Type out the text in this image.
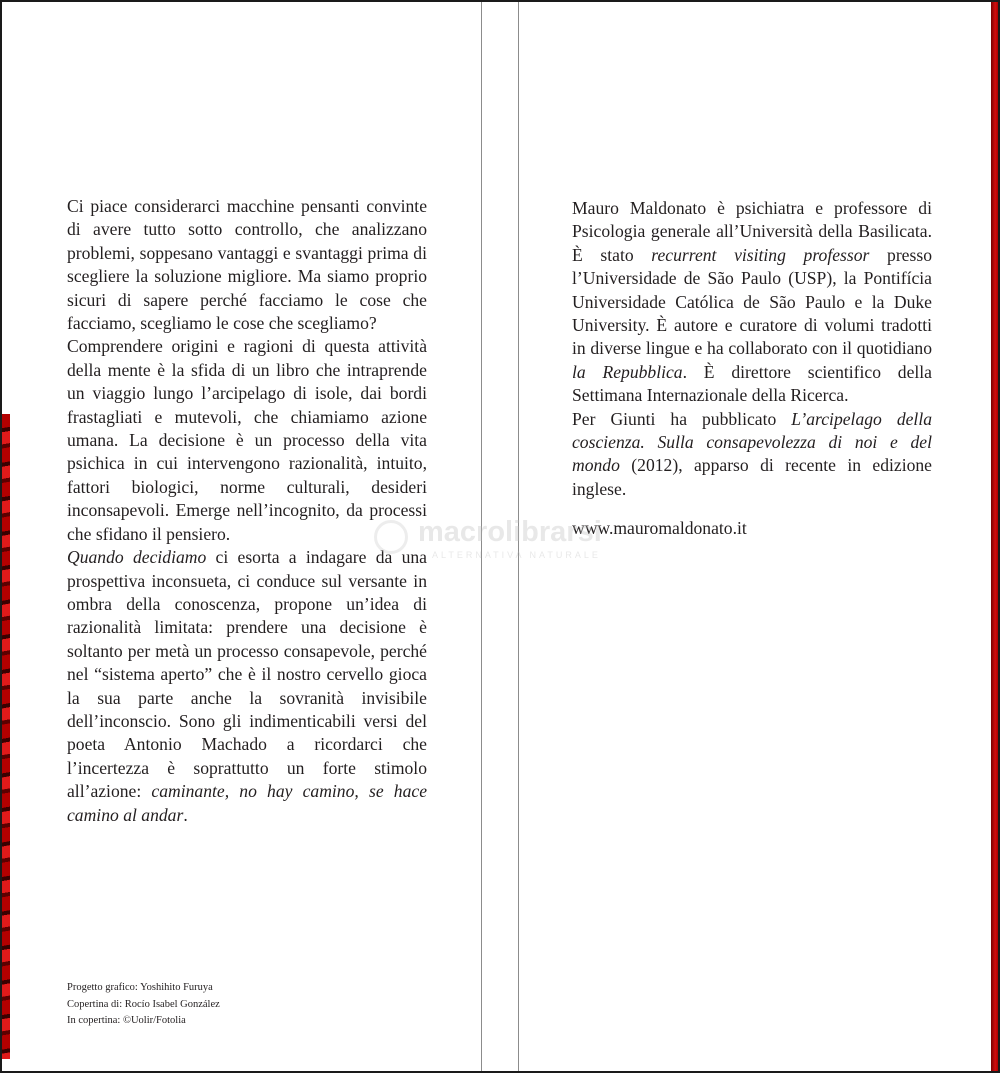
Ci piace considerarci macchine pensanti convinte di avere tutto sotto controllo, che analizzano problemi, soppesano vantaggi e svantaggi prima di scegliere la soluzione migliore. Ma siamo proprio sicuri di sapere perché facciamo le cose che facciamo, scegliamo le cose che scegliamo?

Comprendere origini e ragioni di questa attività della mente è la sfida di un libro che intraprende un viaggio lungo l’arcipelago di isole, dai bordi frastagliati e mutevoli, che chiamiamo azione umana. La decisione è un processo della vita psichica in cui intervengono razionalità, intuito, fattori biologici, norme culturali, desideri inconsapevoli. Emerge nell’incognito, da processi che sfidano il pensiero.

Quando decidiamo ci esorta a indagare da una prospettiva inconsueta, ci conduce sul versante in ombra della conoscenza, propone un’idea di razionalità limitata: prendere una decisione è soltanto per metà un processo consapevole, perché nel “sistema aperto” che è il nostro cervello gioca la sua parte anche la sovranità invisibile dell’inconscio. Sono gli indimenticabili versi del poeta Antonio Machado a ricordarci che l’incertezza è soprattutto un forte stimolo all’azione: caminante, no hay camino, se hace camino al andar.

Mauro Maldonato è psichiatra e professore di Psicologia generale all’Università della Basilicata. È stato recurrent visiting professor presso l’Universidade de São Paulo (USP), la Pontifícia Universidade Católica de São Paulo e la Duke University. È autore e curatore di volumi tradotti in diverse lingue e ha collaborato con il quotidiano la Repubblica. È direttore scientifico della Settimana Internazionale della Ricerca.

Per Giunti ha pubblicato L’arcipelago della coscienza. Sulla consapevolezza di noi e del mondo (2012), apparso di recente in edizione inglese.

www.mauromaldonato.it
Progetto grafico: Yoshihito Furuya
Copertina di: Rocío Isabel González
In copertina: ©Uolir/Fotolia
macrolibrarsi
ALTERNATIVA NATURALE
